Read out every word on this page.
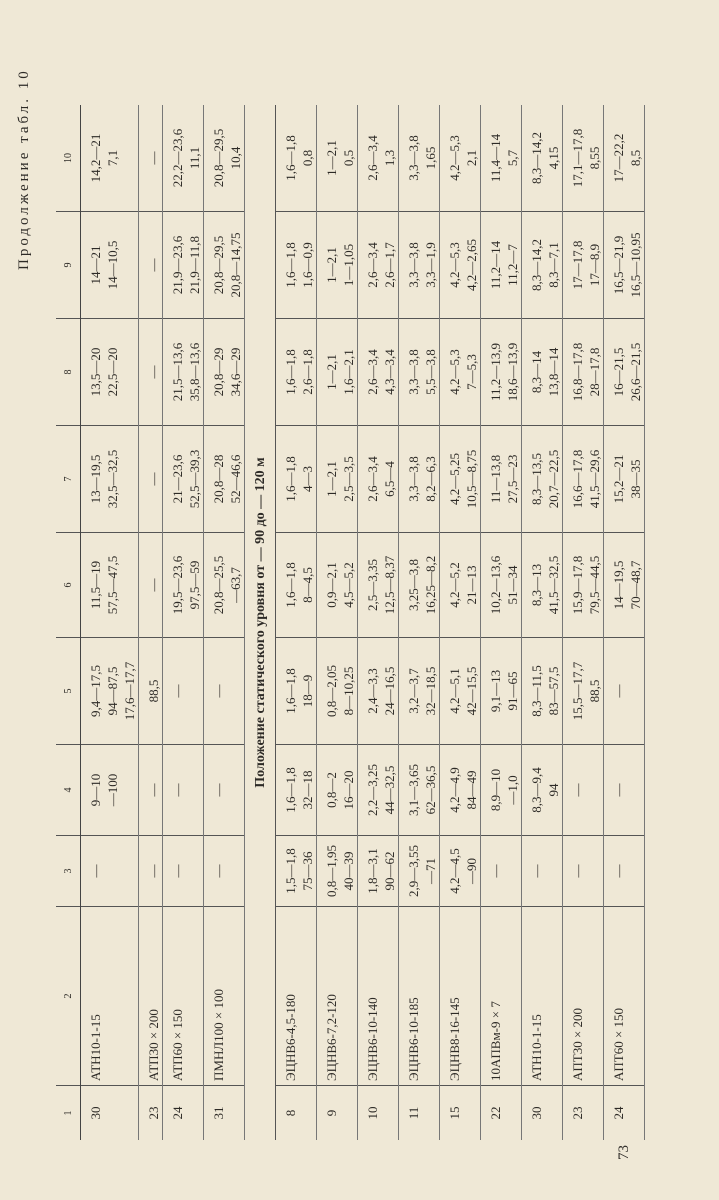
Продолжение табл. 10
73
1	2	3	4	5	6	7	8	9	10
30	АТН10-1-15	—	9—10	9,4—17,5	11,5—19	13—19,5	13,5—20	14—21	14,2—21
			—100	94—87,5	57,5—47,5	32,5—32,5	22,5—20	14—10,5	7,1
				17,6—17,7					
23	АТП30 × 200	—	—	88,5	—	—	—	—	—
24	АТП60 × 150	—	—	—	19,5—23,6	21—23,6	21,5—13,6	21,9—23,6	22,2—23,6
					97,5—59	52,5—39,3	35,8—13,6	21,9—11,8	11,1
31	ПМНЛ100 × 100	—	—	—	20,8—25,5	20,8—28	20,8—29	20,8—29,5	20,8—29,5
					—63,7	52—46,6	34,6—29	20,8—14,75	10,4
Положение статического уровня от — 90 до — 120 м									
8	ЭЦНВ6-4,5-180	1,5—1,8	1,6—1,8	1,6—1,8	1,6—1,8	1,6—1,8	1,6—1,8	1,6—1,8	1,6—1,8
		75—36	32—18	18—9	8—4,5	4—3	2,6—1,8	1,6—0,9	0,8
9	ЭЦНВ6-7,2-120	0,8—1,95	0,8—2	0,8—2,05	0,9—2,1	1—2,1	1—2,1	1—2,1	1—2,1
		40—39	16—20	8—10,25	4,5—5,2	2,5—3,5	1,6—2,1	1—1,05	0,5
10	ЭЦНВ6-10-140	1,8—3,1	2,2—3,25	2,4—3,3	2,5—3,35	2,6—3,4	2,6—3,4	2,6—3,4	2,6—3,4
		90—62	44—32,5	24—16,5	12,5—8,37	6,5—4	4,3—3,4	2,6—1,7	1,3
11	ЭЦНВ6-10-185	2,9—3,55	3,1—3,65	3,2—3,7	3,25—3,8	3,3—3,8	3,3—3,8	3,3—3,8	3,3—3,8
		—71	62—36,5	32—18,5	16,25—8,2	8,2—6,3	5,5—3,8	3,3—1,9	1,65
15	ЭЦНВ8-16-145	4,2—4,5	4,2—4,9	4,2—5,1	4,2—5,2	4,2—5,25	4,2—5,3	4,2—5,3	4,2—5,3
		—90	84—49	42—15,5	21—13	10,5—8,75	7—5,3	4,2—2,65	2,1
22	10АПВм-9 × 7	—	8,9—10	9,1—13	10,2—13,6	11—13,8	11,2—13,9	11,2—14	11,4—14
			—1,0	91—65	51—34	27,5—23	18,6—13,9	11,2—7	5,7
30	АТН10-1-15	—	8,3—9,4	8,3—11,5	8,3—13	8,3—13,5	8,3—14	8,3—14,2	8,3—14,2
			94	83—57,5	41,5—32,5	20,7—22,5	13,8—14	8,3—7,1	4,15
23	АПТ30 × 200	—	—	15,5—17,7	15,9—17,8	16,6—17,8	16,8—17,8	17—17,8	17,1—17,8
				88,5	79,5—44,5	41,5—29,6	28—17,8	17—8,9	8,55
24	АПТ60 × 150	—	—	—	14—19,5	15,2—21	16—21,5	16,5—21,9	17—22,2
					70—48,7	38—35	26,6—21,5	16,5—10,95	8,5
